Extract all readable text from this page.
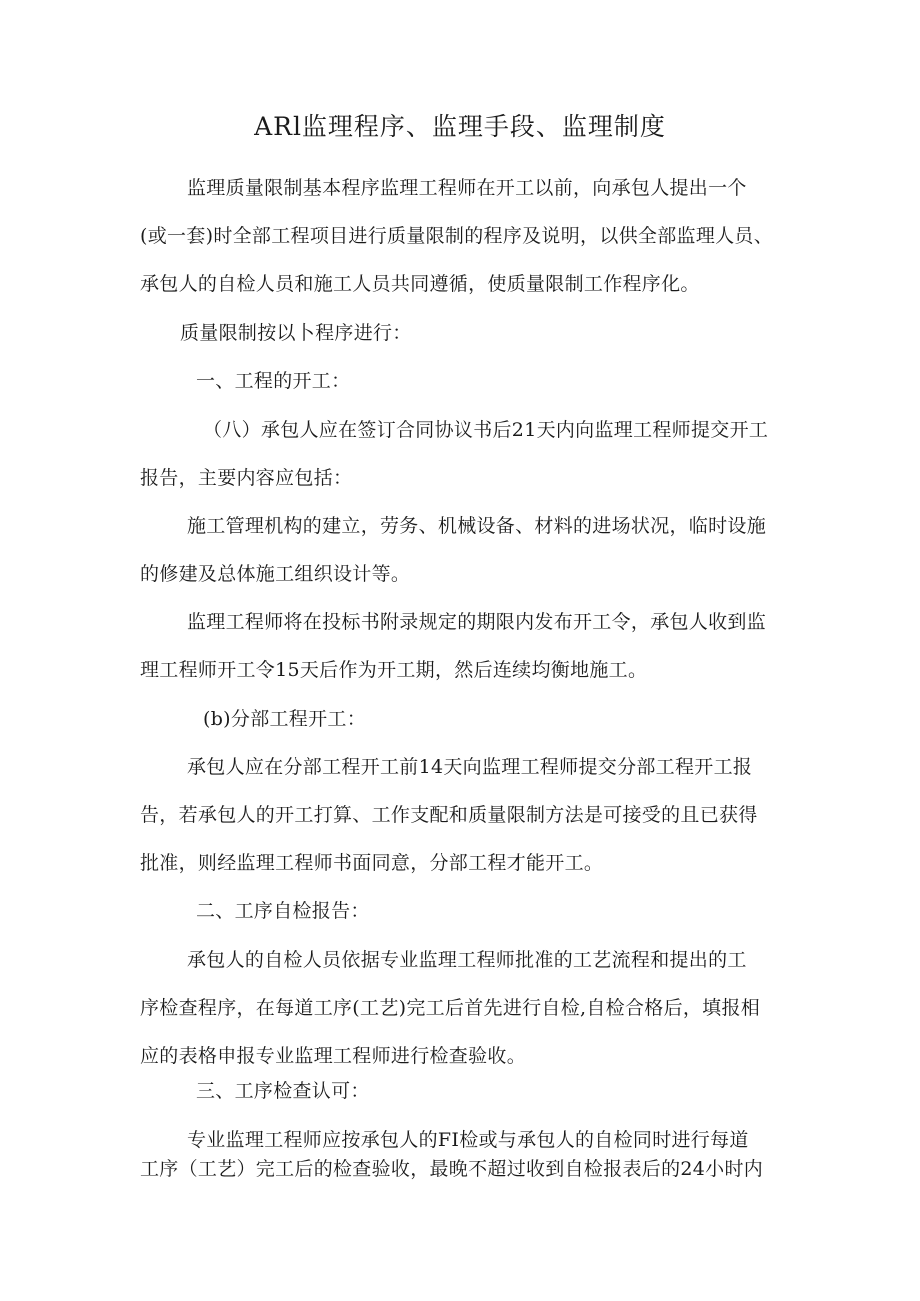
ARl监理程序、监理手段、监理制度
监理质量限制基本程序监理工程师在开工以前，向承包人提出一个
(或一套)时全部工程项目进行质量限制的程序及说明，以供全部监理人员、
承包人的自检人员和施工人员共同遵循，使质量限制工作程序化。
质量限制按以卜程序进行：
一、工程的开工：
（八）承包人应在签订合同协议书后21天内向监理工程师提交开工
报告，主要内容应包括：
施工管理机构的建立，劳务、机械设备、材料的进场状况，临时设施
的修建及总体施工组织设计等。
监理工程师将在投标书附录规定的期限内发布开工令，承包人收到监
理工程师开工令15天后作为开工期，然后连续均衡地施工。
(b)分部工程开工：
承包人应在分部工程开工前14天向监理工程师提交分部工程开工报
告，若承包人的开工打算、工作支配和质量限制方法是可接受的且已获得
批准，则经监理工程师书面同意，分部工程才能开工。
二、工序自检报告：
承包人的自检人员依据专业监理工程师批准的工艺流程和提出的工
序检查程序，在每道工序(工艺)完工后首先进行自检,自检合格后，填报相
应的表格申报专业监理工程师进行检查验收。
三、工序检查认可：
专业监理工程师应按承包人的FI检或与承包人的自检同时进行每道
工序（工艺）完工后的检查验收，最晚不超过收到自检报表后的24小时内
